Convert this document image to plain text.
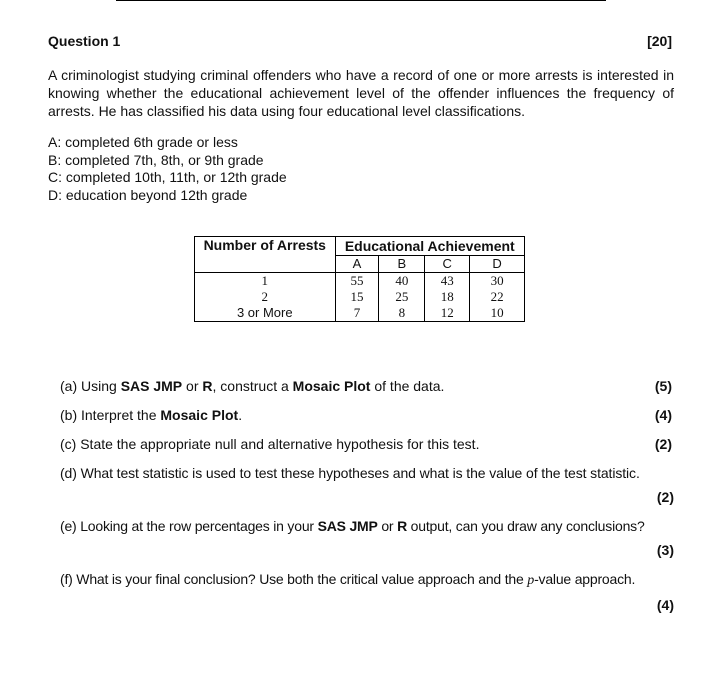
Question 1	[20]
A criminologist studying criminal offenders who have a record of one or more arrests is interested in knowing whether the educational achievement level of the offender influences the frequency of arrests. He has classified his data using four educational level classifications.
A: completed 6th grade or less
B: completed 7th, 8th, or 9th grade
C: completed 10th, 11th, or 12th grade
D: education beyond 12th grade
Number of Arrests	Educational Achievement			
	A	B	C	D
1	55	40	43	30
2	15	25	18	22
3 or More	7	8	12	10
(a) Using SAS JMP or R, construct a Mosaic Plot of the data.	(5)
(b) Interpret the Mosaic Plot.	(4)
(c) State the appropriate null and alternative hypothesis for this test.	(2)
(d) What test statistic is used to test these hypotheses and what is the value of the test statistic.
(2)
(e) Looking at the row percentages in your SAS JMP or R output, can you draw any conclusions?
(3)
(f) What is your final conclusion? Use both the critical value approach and the p-value approach.
(4)
